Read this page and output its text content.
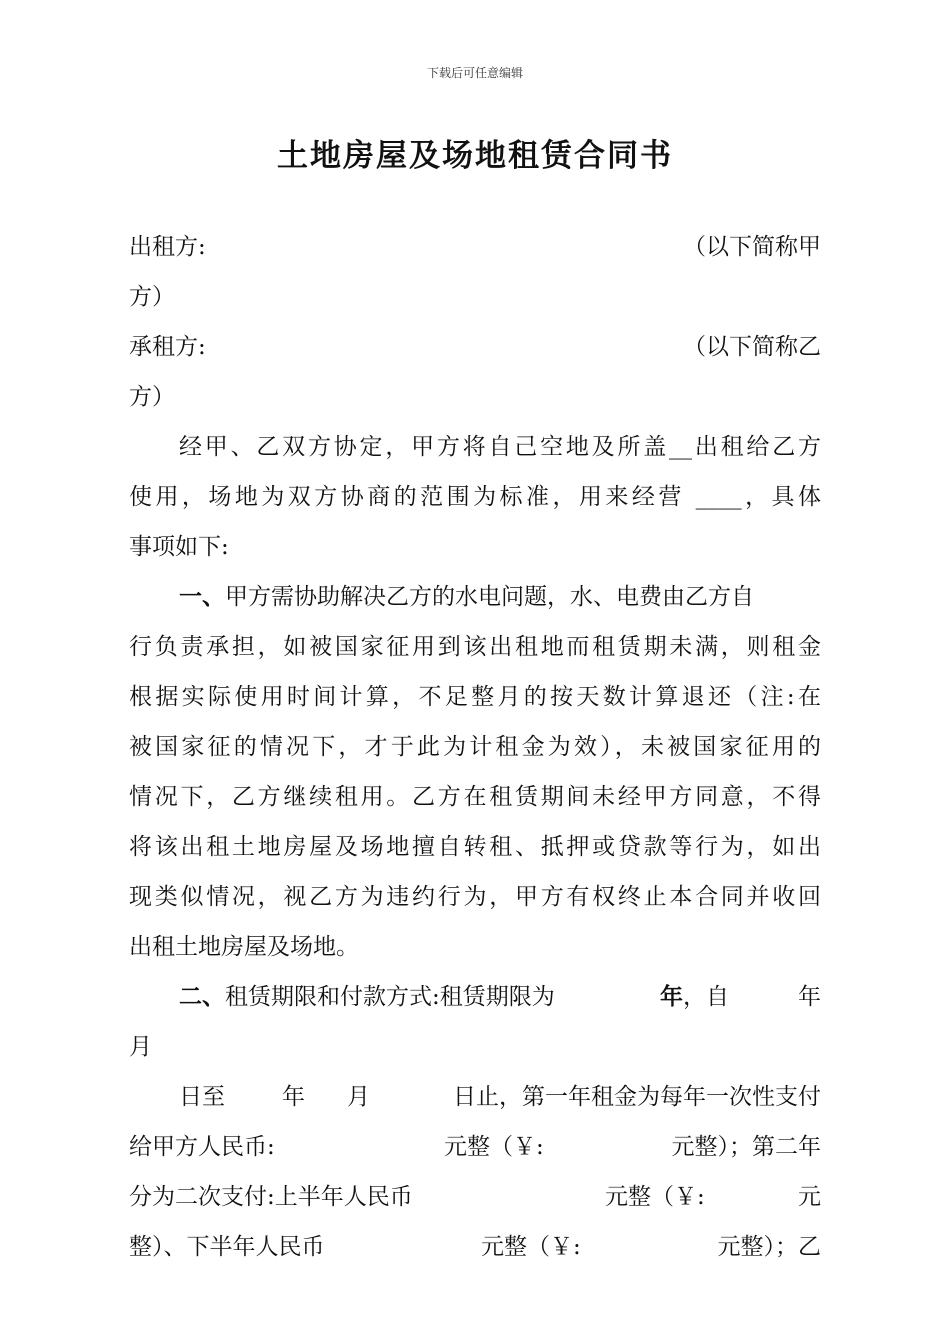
下载后可任意编辑
土地房屋及场地租赁合同书
出租方:	（以下简称甲
方）
承租方:	（以下简称乙
方）
经甲、乙双方协定，甲方将自己空地及所盖__出租给乙方
使用，场地为双方协商的范围为标准，用来经营 ____，具体
事项如下:
一、甲方需协助解决乙方的水电问题，水、电费由乙方自
行负责承担，如被国家征用到该出租地而租赁期未满，则租金
根据实际使用时间计算，不足整月的按天数计算退还（注:在
被国家征的情况下，才于此为计租金为效），未被国家征用的
情况下，乙方继续租用。乙方在租赁期间未经甲方同意，不得
将该出租土地房屋及场地擅自转租、抵押或贷款等行为，如出
现类似情况，视乙方为违约行为，甲方有权终止本合同并收回
出租土地房屋及场地。
二、租赁期限和付款方式:租赁期限为	年 ，自	年
月
日至 年 月	日止，第一年租金为每年一次性支付
给甲方人民币:	元整（￥:	元整）；第二年
分为二次支付:上半年人民币	元整（￥:	元
整）、下半年人民币	元整（￥:	元整）；乙
